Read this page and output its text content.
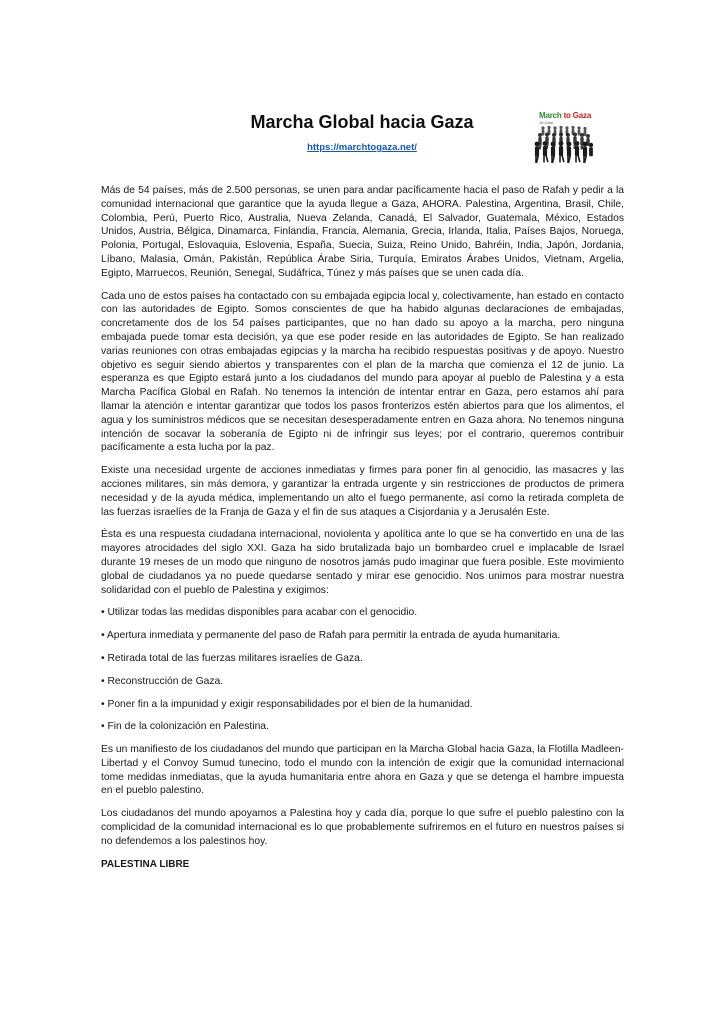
Marcha Global hacia Gaza
https://marchtogaza.net/
March to Gaza
15 June

Más de 54 países, más de 2.500 personas, se unen para andar pacíficamente hacia el paso de Rafah y pedir a la comunidad internacional que garantice que la ayuda llegue a Gaza, AHORA. Palestina, Argentina, Brasil, Chile, Colombia, Perú, Puerto Rico, Australia, Nueva Zelanda, Canadá, El Salvador, Guatemala, México, Estados Unidos, Austria, Bélgica, Dinamarca, Finlandia, Francia, Alemania, Grecia, Irlanda, Italia, Países Bajos, Noruega, Polonia, Portugal, Eslovaquia, Eslovenia, España, Suecia, Suiza, Reino Unido, Bahréin, India, Japón, Jordania, Líbano, Malasia, Omán, Pakistán, República Árabe Siria, Turquía, Emiratos Árabes Unidos, Vietnam, Argelia, Egipto, Marruecos, Reunión, Senegal, Sudáfrica, Túnez y más países que se unen cada día.

Cada uno de estos países ha contactado con su embajada egipcia local y, colectivamente, han estado en contacto con las autoridades de Egipto. Somos conscientes de que ha habido algunas declaraciones de embajadas, concretamente dos de los 54 países participantes, que no han dado su apoyo a la marcha, pero ninguna embajada puede tomar esta decisión, ya que ese poder reside en las autoridades de Egipto. Se han realizado varias reuniones con otras embajadas egipcias y la marcha ha recibido respuestas positivas y de apoyo. Nuestro objetivo es seguir siendo abiertos y transparentes con el plan de la marcha que comienza el 12 de junio. La esperanza es que Egipto estará junto a los ciudadanos del mundo para apoyar al pueblo de Palestina y a esta Marcha Pacífica Global en Rafah. No tenemos la intención de intentar entrar en Gaza, pero estamos ahí para llamar la atención e intentar garantizar que todos los pasos fronterizos estén abiertos para que los alimentos, el agua y los suministros médicos que se necesitan desesperadamente entren en Gaza ahora. No tenemos ninguna intención de socavar la soberanía de Egipto ni de infringir sus leyes; por el contrario, queremos contribuir pacíficamente a esta lucha por la paz.

Existe una necesidad urgente de acciones inmediatas y firmes para poner fin al genocidio, las masacres y las acciones militares, sin más demora, y garantizar la entrada urgente y sin restricciones de productos de primera necesidad y de la ayuda médica, implementando un alto el fuego permanente, así como la retirada completa de las fuerzas israelíes de la Franja de Gaza y el fin de sus ataques a Cisjordania y a Jerusalén Este.

Ésta es una respuesta ciudadana internacional, noviolenta y apolítica ante lo que se ha convertido en una de las mayores atrocidades del siglo XXI. Gaza ha sido brutalizada bajo un bombardeo cruel e implacable de Israel durante 19 meses de un modo que ninguno de nosotros jamás pudo imaginar que fuera posible. Este movimiento global de ciudadanos ya no puede quedarse sentado y mirar ese genocidio. Nos unimos para mostrar nuestra solidaridad con el pueblo de Palestina y exigimos:

• Utilizar todas las medidas disponibles para acabar con el genocidio.

• Apertura inmediata y permanente del paso de Rafah para permitir la entrada de ayuda humanitaria.

• Retirada total de las fuerzas militares israelíes de Gaza.

• Reconstrucción de Gaza.

• Poner fin a la impunidad y exigir responsabilidades por el bien de la humanidad.

• Fin de la colonización en Palestina.

Es un manifiesto de los ciudadanos del mundo que participan en la Marcha Global hacia Gaza, la Flotilla Madleen-Libertad y el Convoy Sumud tunecino, todo el mundo con la intención de exigir que la comunidad internacional tome medidas inmediatas, que la ayuda humanitaria entre ahora en Gaza y que se detenga el hambre impuesta en el pueblo palestino.

Los ciudadanos del mundo apoyamos a Palestina hoy y cada día, porque lo que sufre el pueblo palestino con la complicidad de la comunidad internacional es lo que probablemente sufriremos en el futuro en nuestros países si no defendemos a los palestinos hoy.

PALESTINA LIBRE
